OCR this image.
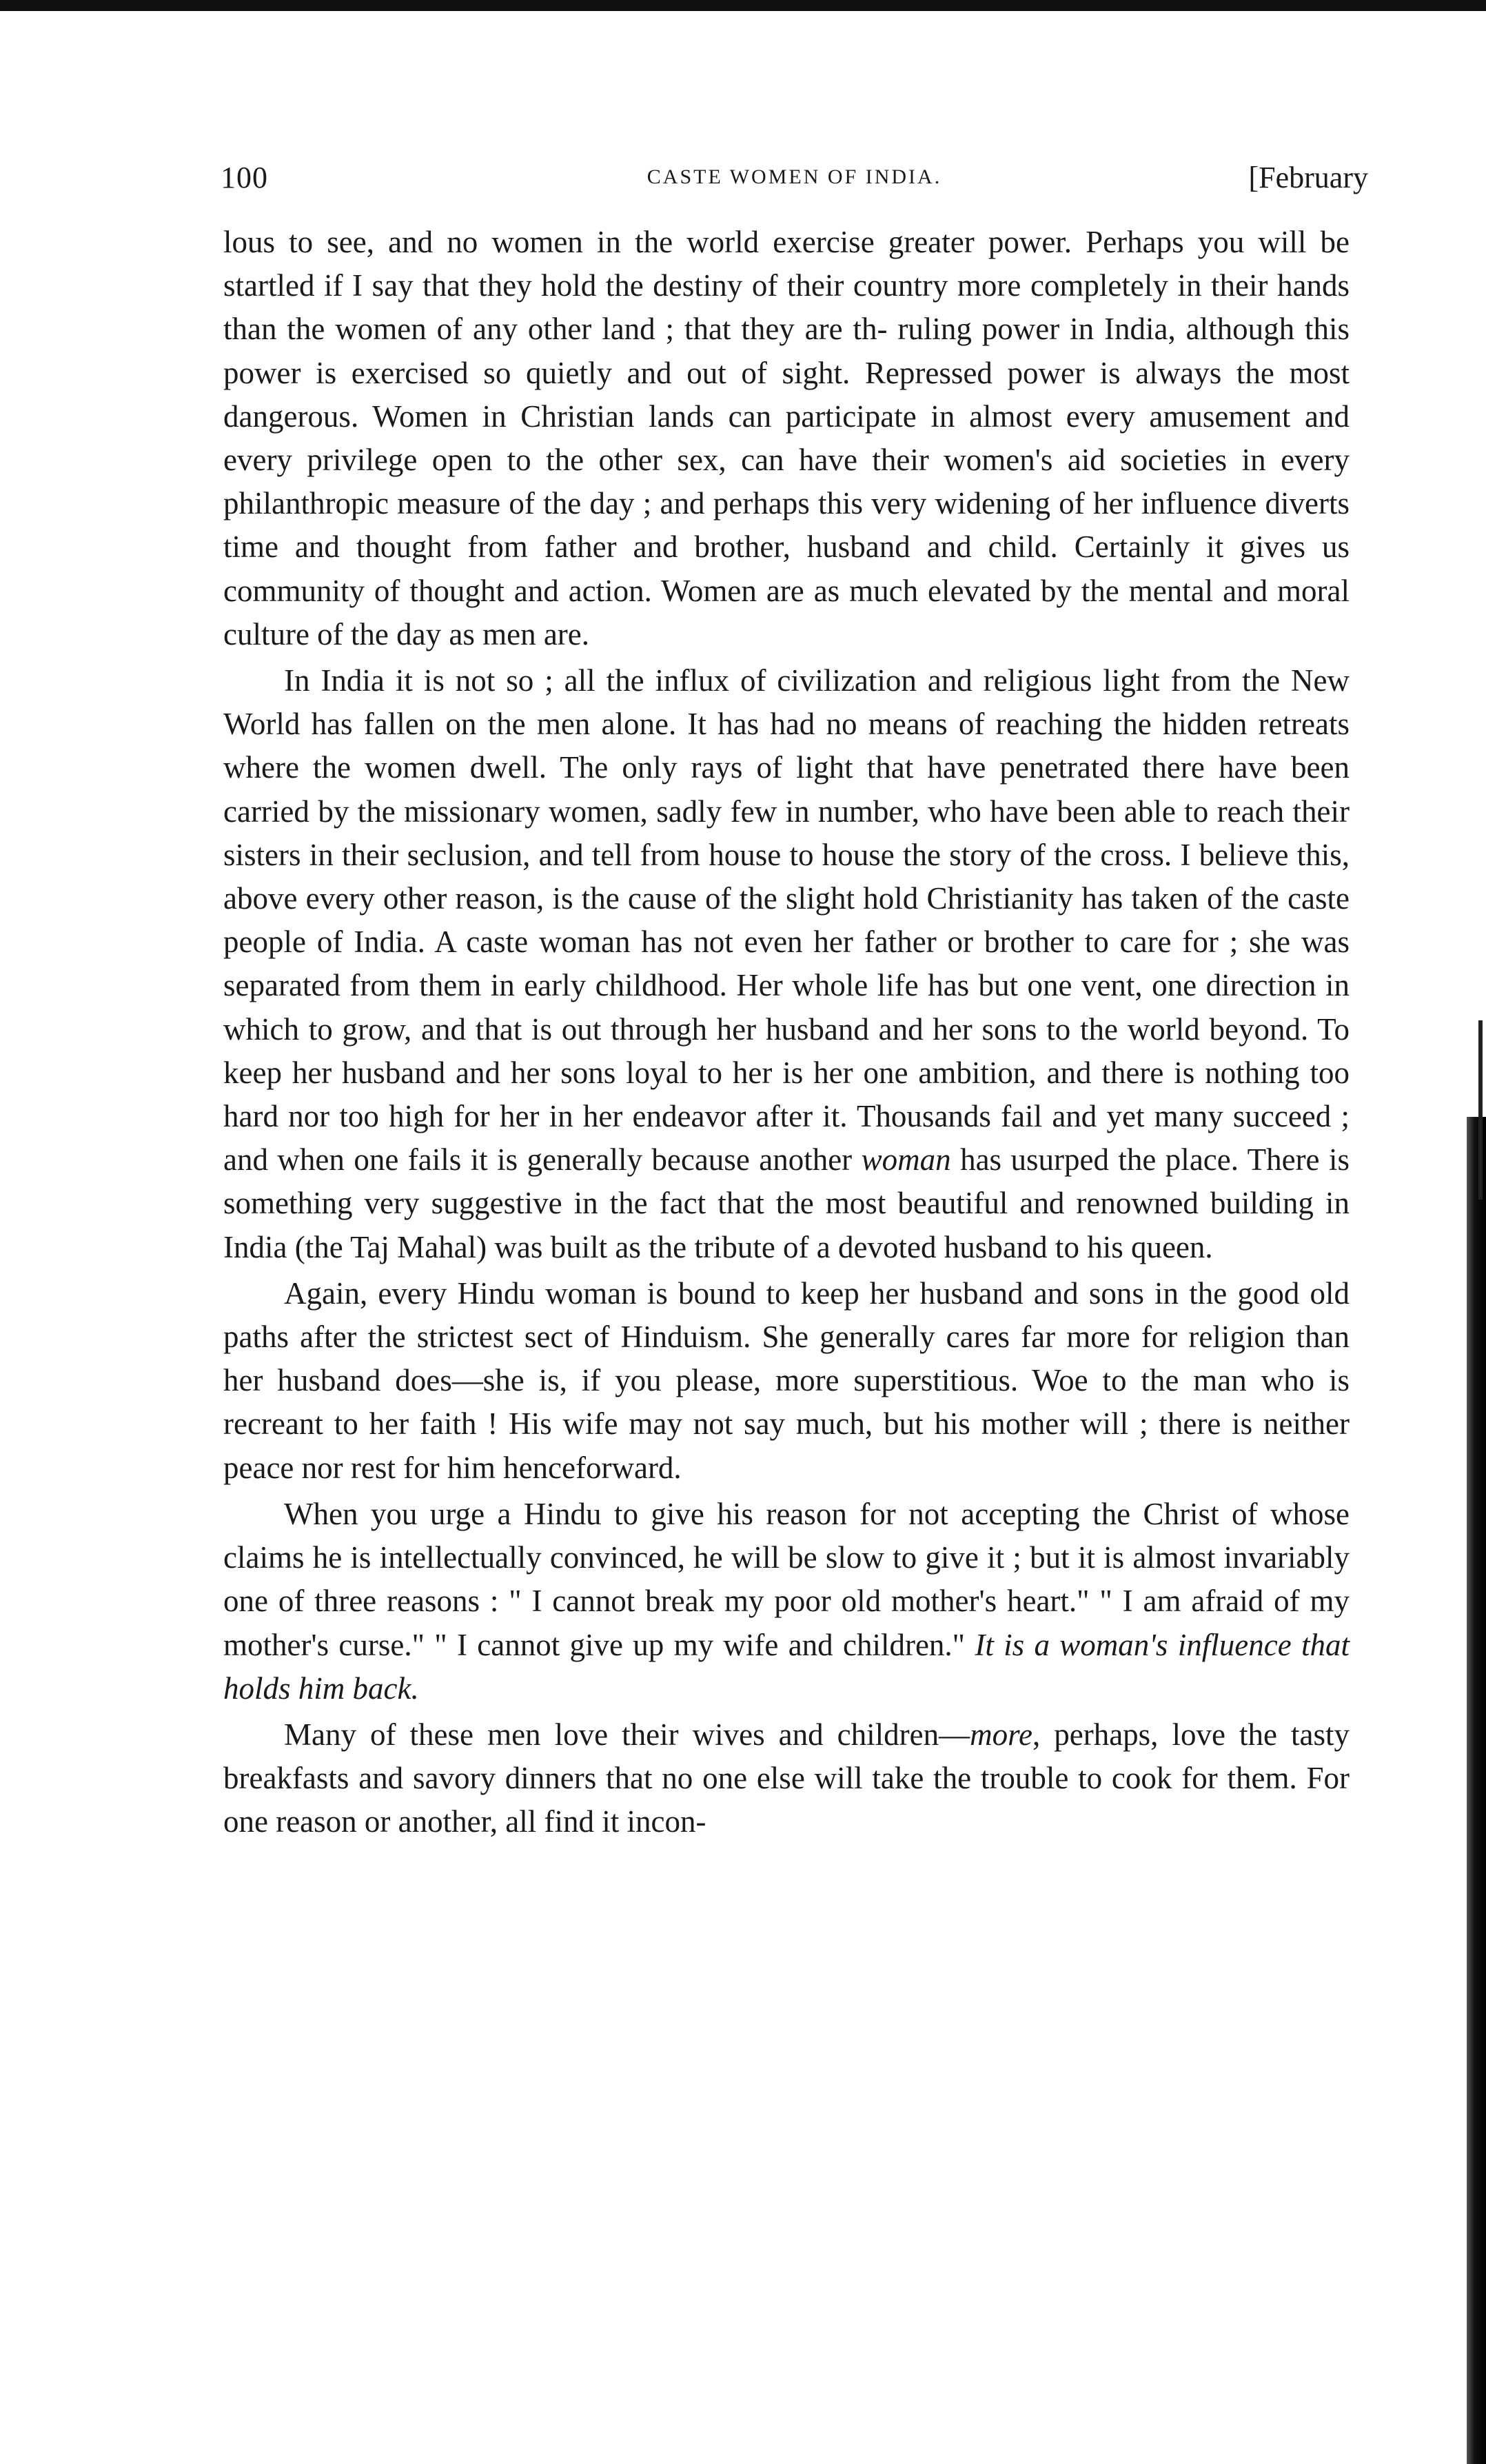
100	CASTE WOMEN OF INDIA.	[February

lous to see, and no women in the world exercise greater power. Perhaps you will be startled if I say that they hold the destiny of their country more completely in their hands than the women of any other land ; that they are th- ruling power in India, although this power is exercised so quietly and out of sight. Repressed power is always the most dangerous. Women in Christian lands can participate in almost every amusement and every privilege open to the other sex, can have their women's aid societies in every philanthropic measure of the day ; and perhaps this very widening of her influence diverts time and thought from father and brother, husband and child. Certainly it gives us community of thought and action. Women are as much elevated by the mental and moral culture of the day as men are.

In India it is not so ; all the influx of civilization and religious light from the New World has fallen on the men alone. It has had no means of reaching the hidden retreats where the women dwell. The only rays of light that have penetrated there have been carried by the missionary women, sadly few in number, who have been able to reach their sisters in their seclusion, and tell from house to house the story of the cross. I believe this, above every other reason, is the cause of the slight hold Christianity has taken of the caste people of India. A caste woman has not even her father or brother to care for ; she was separated from them in early childhood. Her whole life has but one vent, one direction in which to grow, and that is out through her husband and her sons to the world beyond. To keep her husband and her sons loyal to her is her one ambition, and there is nothing too hard nor too high for her in her endeavor after it. Thousands fail and yet many succeed ; and when one fails it is generally because another woman has usurped the place. There is something very suggestive in the fact that the most beautiful and renowned building in India (the Taj Mahal) was built as the tribute of a devoted husband to his queen.

Again, every Hindu woman is bound to keep her husband and sons in the good old paths after the strictest sect of Hinduism. She generally cares far more for religion than her husband does—she is, if you please, more superstitious. Woe to the man who is recreant to her faith ! His wife may not say much, but his mother will ; there is neither peace nor rest for him henceforward.

When you urge a Hindu to give his reason for not accepting the Christ of whose claims he is intellectually convinced, he will be slow to give it ; but it is almost invariably one of three reasons : " I cannot break my poor old mother's heart." " I am afraid of my mother's curse." " I cannot give up my wife and children." It is a woman's influence that holds him back.

Many of these men love their wives and children—more, perhaps, love the tasty breakfasts and savory dinners that no one else will take the trouble to cook for them. For one reason or another, all find it incon-
